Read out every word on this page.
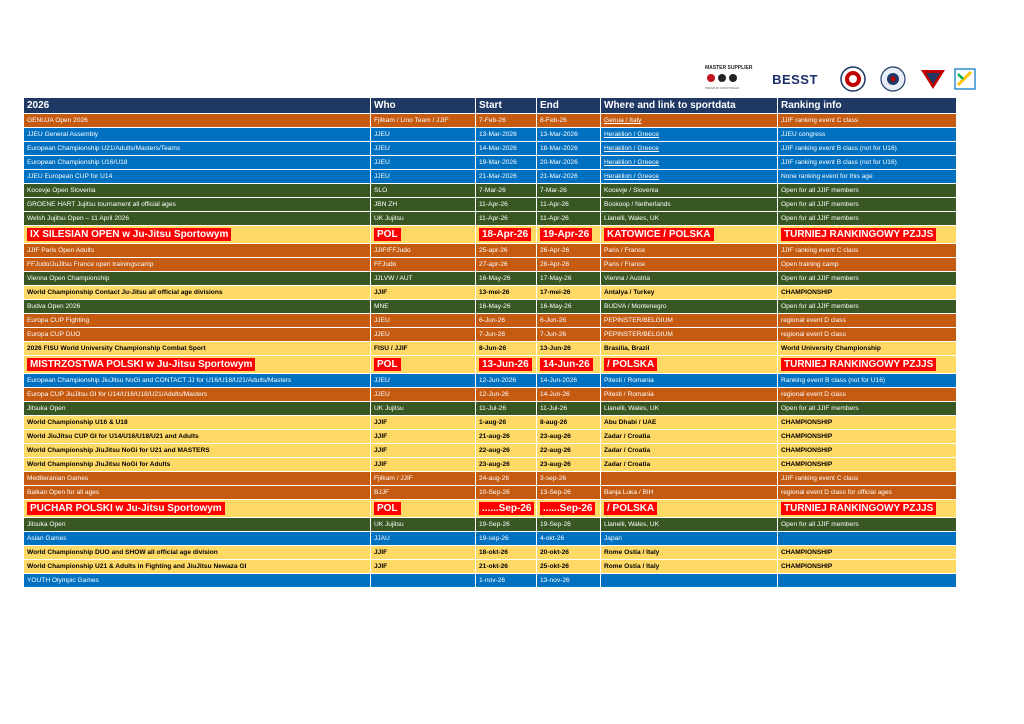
MASTER SUPPLIER
PREMIUM SPORTWEAR
BESST
2026	Who	Start	End	Where and link to sportdata	Ranking info
GENUJA Open 2026	Fjilkam / Lino Team / JJIF	7-Feb-26	8-Feb-26	Genua / Italy	JJIF ranking event C class
JJEU General Assembly	JJEU	13-Mar-2026	13-Mar-2026	Heraklion / Greece	JJEU congress
European Championship U21/Adults/Masters/Teams	JJEU	14-Mar-2026	18-Mar-2026	Heraklion / Greece	JJIF ranking event B class (not for U16)
European Championship U16/U18	JJEU	19-Mar-2026	20-Mar-2026	Heraklion / Greece	JJIF ranking event B class (not for U16)
JJEU European CUP for U14	JJEU	21-Mar-2026	21-Mar-2026	Heraklion / Greece	None ranking event for this age
Kocevje Open Slovenia	SLO	7-Mar-26	7-Mar-26	Kocevje / Slovenia	Open for all JJIF members
GROENE HART Jujitsu tournament all official ages	JBN ZH	11-Apr-26	11-Apr-26	Boskoop / Netherlands	Open for all JJIF members
Welsh Jujitsu Open – 11 April 2026	UK Jujitsu	11-Apr-26	11-Apr-26	Llanelli, Wales, UK	Open for all JJIF members
IX SILESIAN OPEN w Ju-Jitsu Sportowym	POL	18-Apr-26	19-Apr-26	KATOWICE / POLSKA	TURNIEJ RANKINGOWY PZJJS
JJIF Paris Open Adults	JJIF/FFJudo	25-apr-26	26-Apr-26	Paris / France	JJIF ranking event C class
FFJudo/JuJitsu France open trainingscamp	FFJudo	27-apr-26	28-Apr-26	Paris / France	Open training camp
Vienna Open Championship	JJLVW / AUT	16-May-26	17-May-26	Vienna / Austria	Open for all JJIF members
World Championship Contact Ju-Jitsu all official age divisions	JJIF	13-mei-26	17-mei-26	Antalya / Turkey	CHAMPIONSHIP
Budva Open 2026	MNE	16-May-26	16-May-26	BUDVA / Montenegro	Open for all JJIF members
Europa CUP Fighting	JJEU	6-Jun-26	6-Jun-26	PEPINSTER/BELGIUM	regional event D class
Europa CUP DUO	JJEU	7-Jun-26	7-Jun-26	PEPINSTER/BELGIUM	regional event D class
2026 FISU World University Championship Combat Sport	FISU / JJIF	8-Jun-26	13-Jun-26	Brasilia, Brazil	World University Championship
MISTRZOSTWA POLSKI w Ju-Jitsu Sportowym	POL	13-Jun-26	14-Jun-26	/ POLSKA	TURNIEJ RANKINGOWY PZJJS
European Championship JiuJitsu NoGi and CONTACT JJ for U16/U18/U21/Adults/Masters	JJEU	12-Jun-2026	14-Jun-2026	Pitesti / Romania	Ranking event B class (not for U16)
Europa CUP JiuJitsu GI for U14/U16/U18/U21/Adults/Masters	JJEU	12-Jun-26	14-Jun-26	Pitesti / Romania	regional event D class
Jitsuka Open	UK Jujitsu	11-Jul-26	11-Jul-26	Llanelli, Wales, UK	Open for all JJIF members
World Championship U16 & U18	JJIF	1-aug-26	8-aug-26	Abu Dhabi / UAE	CHAMPIONSHIP
World JiuJitsu CUP GI for U14/U16/U18/U21 and Adults	JJIF	21-aug-26	23-aug-26	Zadar / Croatia	CHAMPIONSHIP
World Championship JiuJitsu NoGi for U21 and MASTERS	JJIF	22-aug-26	22-aug-26	Zadar / Croatia	CHAMPIONSHIP
World Championship JiuJitsu NoGi for Adults	JJIF	23-aug-26	23-aug-26	Zadar / Croatia	CHAMPIONSHIP
Mediteranian Games	Fjilkam / JJIF	24-aug-26	3-sep-26		JJIF ranking event C class
Balkan Open for all ages	BJJF	10-Sep-26	13-Sep-26	Banja Luka / BIH	regional event D class for official ages
PUCHAR POLSKI w Ju-Jitsu Sportowym	POL	......Sep-26	......Sep-26	/ POLSKA	TURNIEJ RANKINGOWY PZJJS
Jitsuka Open	UK Jujitsu	19-Sep-26	19-Sep-26	Llanelli, Wales, UK	Open for all JJIF members
Asian Games	JJAU	19-sep-26	4-okt-26	Japan	
World Championship DUO and SHOW all official age division	JJIF	18-okt-26	20-okt-26	Rome Ostia / Italy	CHAMPIONSHIP
World Championship U21 & Adults in Fighting and JiuJitsu Newaza GI	JJIF	21-okt-26	25-okt-26	Rome Ostia / Italy	CHAMPIONSHIP
YOUTH Olympic Games		1-nov-26	13-nov-26		
